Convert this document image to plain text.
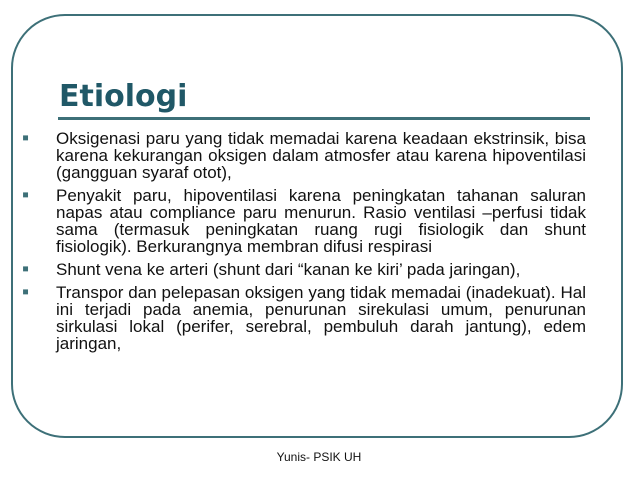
Etiologi
▪ Oksigenasi paru yang tidak memadai karena keadaan ekstrinsik, bisa karena kekurangan oksigen dalam atmosfer atau karena hipoventilasi (gangguan syaraf otot),
▪ Penyakit paru, hipoventilasi karena peningkatan tahanan saluran napas atau compliance paru menurun. Rasio ventilasi –perfusi tidak sama (termasuk peningkatan ruang rugi fisiologik dan shunt fisiologik). Berkurangnya membran difusi respirasi
▪ Shunt vena ke arteri (shunt dari “kanan ke kiri’ pada jaringan),
▪ Transpor dan pelepasan oksigen yang tidak memadai (inadekuat). Hal ini terjadi pada anemia, penurunan sirekulasi umum, penurunan sirkulasi lokal (perifer, serebral, pembuluh darah jantung), edem jaringan,
Yunis- PSIK UH
